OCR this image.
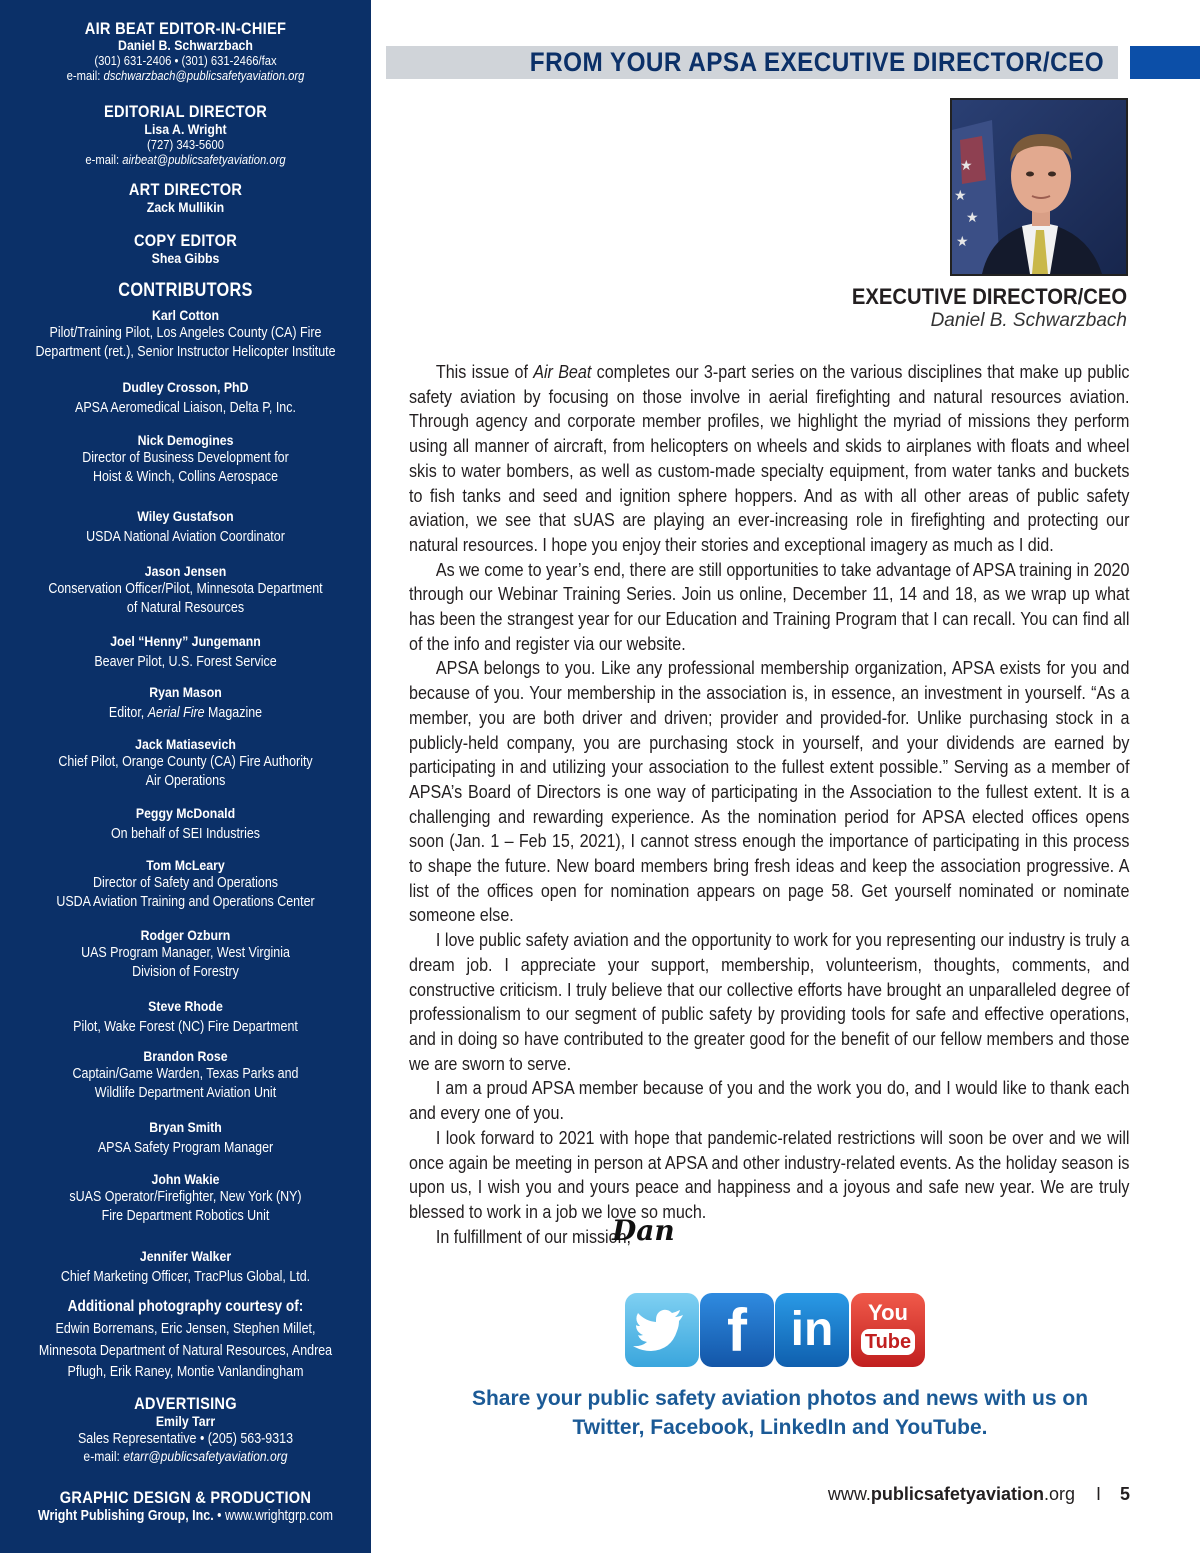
AIR BEAT EDITOR-IN-CHIEF
Daniel B. Schwarzbach
(301) 631-2406 • (301) 631-2466/fax
e-mail: dschwarzbach@publicsafetyaviation.org
EDITORIAL DIRECTOR
Lisa A. Wright
(727) 343-5600
e-mail: airbeat@publicsafetyaviation.org
ART DIRECTOR
Zack Mullikin
COPY EDITOR
Shea Gibbs
CONTRIBUTORS
Karl Cotton
Pilot/Training Pilot, Los Angeles County (CA) Fire
Department (ret.), Senior Instructor Helicopter Institute
Dudley Crosson, PhD
APSA Aeromedical Liaison, Delta P, Inc.
Nick Demogines
Director of Business Development for
Hoist & Winch, Collins Aerospace
Wiley Gustafson
USDA National Aviation Coordinator
Jason Jensen
Conservation Officer/Pilot, Minnesota Department
of Natural Resources
Joel “Henny” Jungemann
Beaver Pilot, U.S. Forest Service
Ryan Mason
Editor, Aerial Fire Magazine
Jack Matiasevich
Chief Pilot, Orange County (CA) Fire Authority
Air Operations
Peggy McDonald
On behalf of SEI Industries
Tom McLeary
Director of Safety and Operations
USDA Aviation Training and Operations Center
Rodger Ozburn
UAS Program Manager, West Virginia
Division of Forestry
Steve Rhode
Pilot, Wake Forest (NC) Fire Department
Brandon Rose
Captain/Game Warden, Texas Parks and
Wildlife Department Aviation Unit
Bryan Smith
APSA Safety Program Manager
John Wakie
sUAS Operator/Firefighter, New York (NY)
Fire Department Robotics Unit
Jennifer Walker
Chief Marketing Officer, TracPlus Global, Ltd.
Additional photography courtesy of:
Edwin Borremans, Eric Jensen, Stephen Millet,
Minnesota Department of Natural Resources, Andrea
Pflugh, Erik Raney, Montie Vanlandingham
ADVERTISING
Emily Tarr
Sales Representative • (205) 563-9313
e-mail: etarr@publicsafetyaviation.org
GRAPHIC DESIGN & PRODUCTION
Wright Publishing Group, Inc. • www.wrightgrp.com
FROM YOUR APSA EXECUTIVE DIRECTOR/CEO
★
★
★
★
EXECUTIVE DIRECTOR/CEO
Daniel B. Schwarzbach

This issue of Air Beat completes our 3-part series on the various disciplines that make up public safety aviation by focusing on those involve in aerial firefighting and natural resources aviation. Through agency and corporate member profiles, we highlight the myriad of missions they perform using all manner of aircraft, from helicopters on wheels and skids to airplanes with floats and wheel skis to water bombers, as well as custom-made specialty equipment, from water tanks and buckets to fish tanks and seed and ignition sphere hoppers. And as with all other areas of public safety aviation, we see that sUAS are playing an ever-increasing role in firefighting and protecting our natural resources. I hope you enjoy their stories and exceptional imagery as much as I did.

As we come to year’s end, there are still opportunities to take advantage of APSA training in 2020 through our Webinar Training Series. Join us online, December 11, 14 and 18, as we wrap up what has been the strangest year for our Education and Training Program that I can recall. You can find all of the info and register via our website.

APSA belongs to you. Like any professional membership organization, APSA exists for you and because of you. Your membership in the association is, in essence, an investment in yourself. “As a member, you are both driver and driven; provider and provided-for. Unlike purchasing stock in a publicly-held company, you are purchasing stock in yourself, and your dividends are earned by participating in and utilizing your association to the fullest extent possible.” Serving as a member of APSA’s Board of Directors is one way of participating in the Association to the fullest extent. It is a challenging and rewarding experience. As the nomination period for APSA elected offices opens soon (Jan. 1 – Feb 15, 2021), I cannot stress enough the importance of participating in this process to shape the future. New board members bring fresh ideas and keep the association progressive. A list of the offices open for nomination appears on page 58. Get yourself nominated or nominate someone else.

I love public safety aviation and the opportunity to work for you representing our industry is truly a dream job. I appreciate your support, membership, volunteerism, thoughts, comments, and constructive criticism. I truly believe that our collective efforts have brought an unparalleled degree of professionalism to our segment of public safety by providing tools for safe and effective operations, and in doing so have contributed to the greater good for the benefit of our fellow members and those we are sworn to serve.

I am a proud APSA member because of you and the work you do, and I would like to thank each and every one of you.

I look forward to 2021 with hope that pandemic-related restrictions will soon be over and we will once again be meeting in person at APSA and other industry-related events. As the holiday season is upon us, I wish you and yours peace and happiness and a joyous and safe new year. We are truly blessed to work in a job we love so much.

In fulfillment of our mission,

Dan
f in	You
Tube
Share your public safety aviation photos and news with us on
Twitter, Facebook, LinkedIn and YouTube.
www.publicsafetyaviation.org I 5
